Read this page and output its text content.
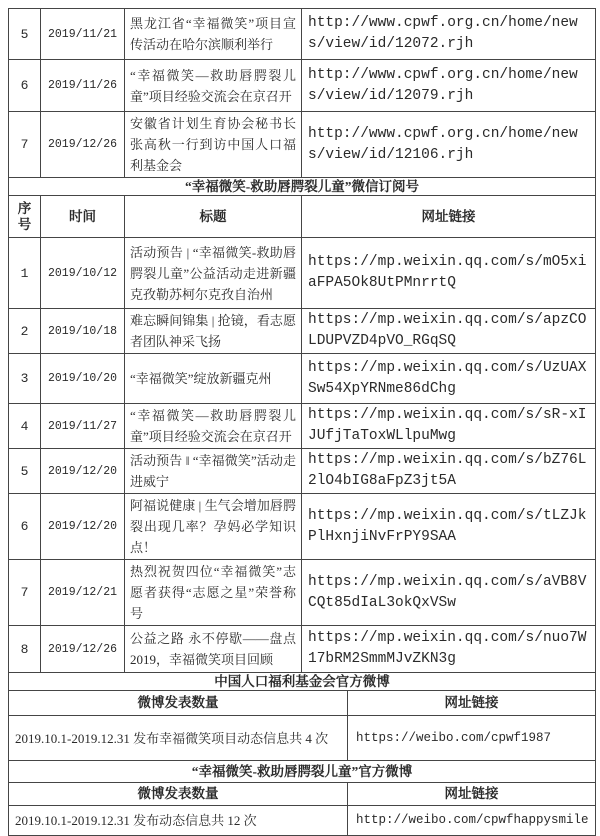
5	2019/11/21	黑龙江省“幸福微笑”项目宣传活动在哈尔滨顺利举行	http://www.cpwf.org.cn/home/news/view/id/12072.rjh
6	2019/11/26	“幸福微笑—救助唇腭裂儿童”项目经验交流会在京召开	http://www.cpwf.org.cn/home/news/view/id/12079.rjh
7	2019/12/26	安徽省计划生育协会秘书长张高秋一行到访中国人口福利基金会	http://www.cpwf.org.cn/home/news/view/id/12106.rjh
“幸福微笑-救助唇腭裂儿童”微信订阅号			
序号	时间	标题	网址链接
1	2019/10/12	活动预告 | “幸福微笑-救助唇腭裂儿童”公益活动走进新疆克孜勒苏柯尔克孜自治州	https://mp.weixin.qq.com/s/mO5xiaFPA5Ok8UtPMnrrtQ
2	2019/10/18	难忘瞬间锦集 | 抢镜，看志愿者团队神采飞扬	https://mp.weixin.qq.com/s/apzCOLDUPVZD4pVO_RGqSQ
3	2019/10/20	“幸福微笑”绽放新疆克州	https://mp.weixin.qq.com/s/UzUAXSw54XpYRNme86dChg
4	2019/11/27	“幸福微笑—救助唇腭裂儿童”项目经验交流会在京召开	https://mp.weixin.qq.com/s/sR-xIJUfjTaToxWLlpuMwg
5	2019/12/20	活动预告 ‖ “幸福微笑”活动走进威宁	https://mp.weixin.qq.com/s/bZ76L2lO4bIG8aFpZ3jt5A
6	2019/12/20	阿福说健康 | 生气会增加唇腭裂出现几率？孕妈必学知识点！	https://mp.weixin.qq.com/s/tLZJkPlHxnjiNvFrPY9SAA
7	2019/12/21	热烈祝贺四位“幸福微笑”志愿者获得“志愿之星”荣誉称号	https://mp.weixin.qq.com/s/aVB8VCQt85dIaL3okQxVSw
8	2019/12/26	公益之路 永不停歇——盘点2019，幸福微笑项目回顾	https://mp.weixin.qq.com/s/nuo7W17bRM2SmmMJvZKN3g
中国人口福利基金会官方微博	
微博发表数量	网址链接
2019.10.1-2019.12.31 发布幸福微笑项目动态信息共 4 次	https://weibo.com/cpwf1987
“幸福微笑-救助唇腭裂儿童”官方微博	
微博发表数量	网址链接
2019.10.1-2019.12.31 发布动态信息共 12 次	http://weibo.com/cpwfhappysmile
